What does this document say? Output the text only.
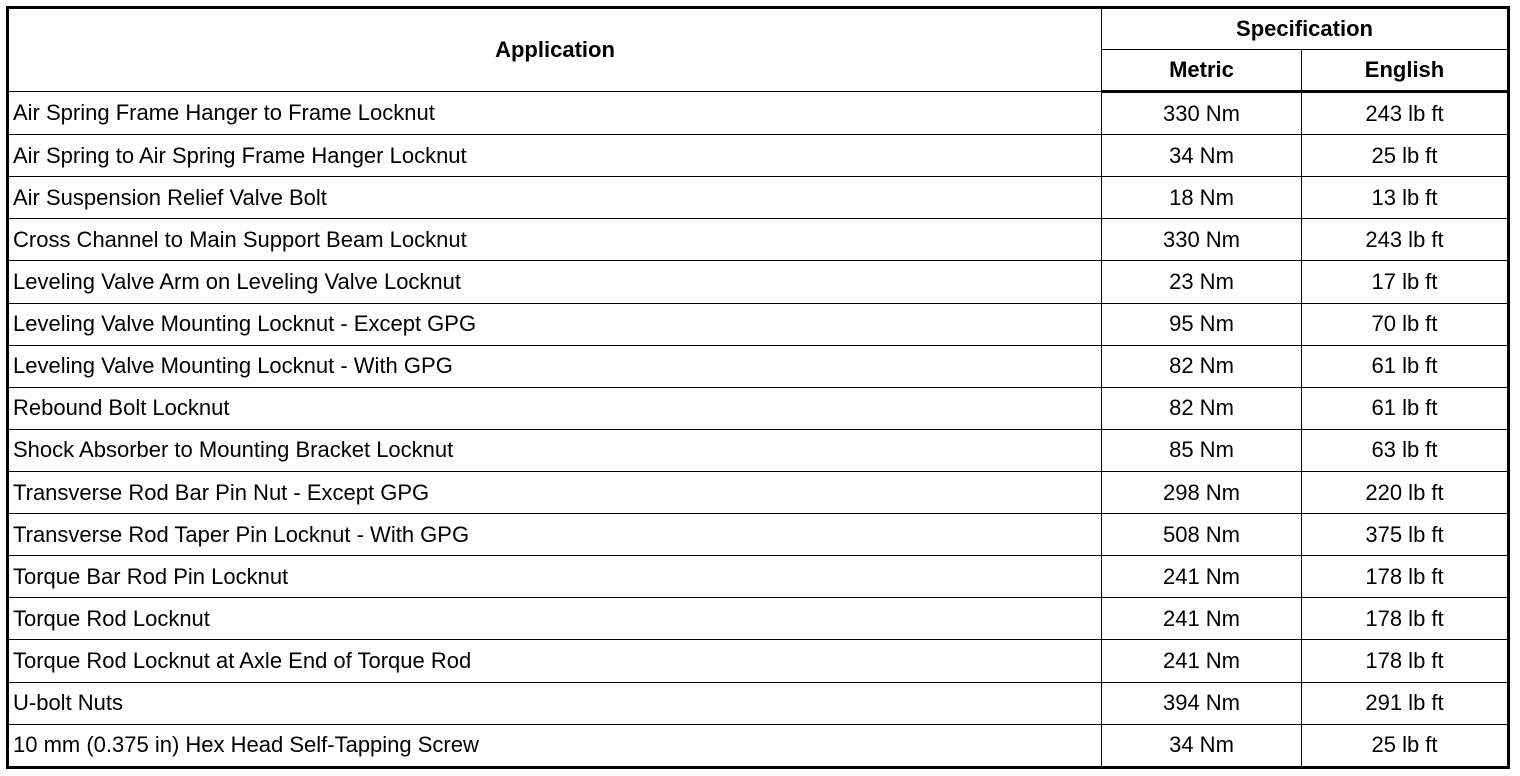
Application	Specification	
	Metric	English
Air Spring Frame Hanger to Frame Locknut	330 Nm	243 lb ft
Air Spring to Air Spring Frame Hanger Locknut	34 Nm	25 lb ft
Air Suspension Relief Valve Bolt	18 Nm	13 lb ft
Cross Channel to Main Support Beam Locknut	330 Nm	243 lb ft
Leveling Valve Arm on Leveling Valve Locknut	23 Nm	17 lb ft
Leveling Valve Mounting Locknut - Except GPG	95 Nm	70 lb ft
Leveling Valve Mounting Locknut - With GPG	82 Nm	61 lb ft
Rebound Bolt Locknut	82 Nm	61 lb ft
Shock Absorber to Mounting Bracket Locknut	85 Nm	63 lb ft
Transverse Rod Bar Pin Nut - Except GPG	298 Nm	220 lb ft
Transverse Rod Taper Pin Locknut - With GPG	508 Nm	375 lb ft
Torque Bar Rod Pin Locknut	241 Nm	178 lb ft
Torque Rod Locknut	241 Nm	178 lb ft
Torque Rod Locknut at Axle End of Torque Rod	241 Nm	178 lb ft
U-bolt Nuts	394 Nm	291 lb ft
10 mm (0.375 in) Hex Head Self-Tapping Screw	34 Nm	25 lb ft
